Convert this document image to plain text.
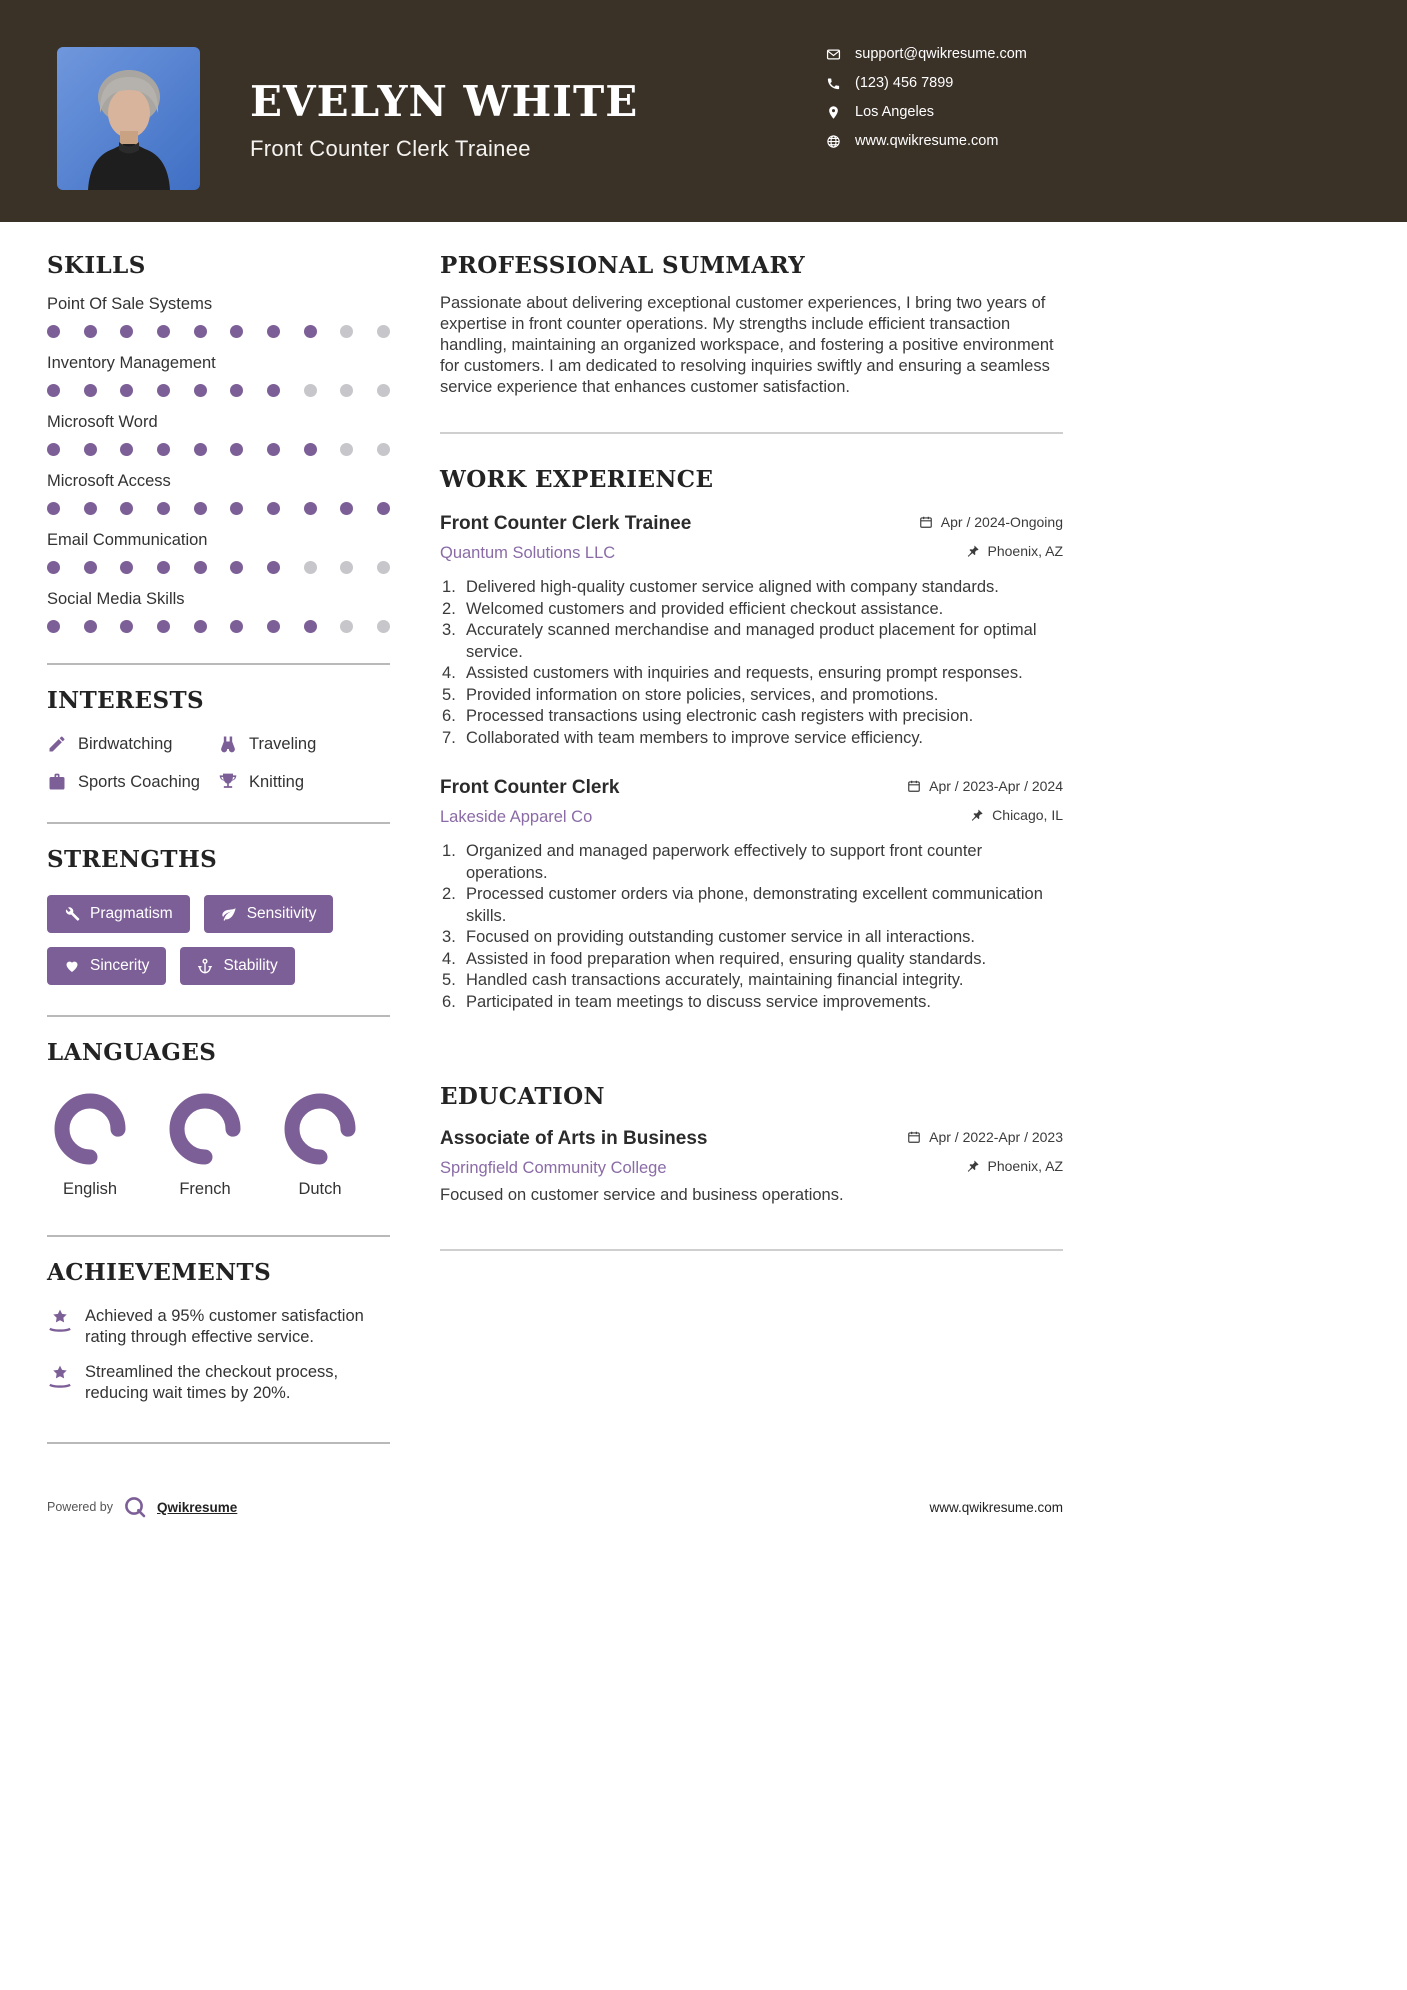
EVELYN WHITE
Front Counter Clerk Trainee
support@qwikresume.com
(123) 456 7899
Los Angeles
www.qwikresume.com
SKILLS
Point Of Sale Systems
Inventory Management
Microsoft Word
Microsoft Access
Email Communication
Social Media Skills
INTERESTS
Birdwatching	Traveling
Sports Coaching	Knitting
STRENGTHS
Pragmatism	Sensitivity
Sincerity	Stability
LANGUAGES
English	French	Dutch
ACHIEVEMENTS
Achieved a 95% customer satisfaction rating through effective service.
Streamlined the checkout process, reducing wait times by 20%.
PROFESSIONAL SUMMARY
Passionate about delivering exceptional customer experiences, I bring two years of expertise in front counter operations. My strengths include efficient transaction handling, maintaining an organized workspace, and fostering a positive environment for customers. I am dedicated to resolving inquiries swiftly and ensuring a seamless service experience that enhances customer satisfaction.
WORK EXPERIENCE
Front Counter Clerk Trainee	Apr / 2024-Ongoing
Quantum Solutions LLC	Phoenix, AZ
Delivered high-quality customer service aligned with company standards.
Welcomed customers and provided efficient checkout assistance.
Accurately scanned merchandise and managed product placement for optimal service.
Assisted customers with inquiries and requests, ensuring prompt responses.
Provided information on store policies, services, and promotions.
Processed transactions using electronic cash registers with precision.
Collaborated with team members to improve service efficiency.
Front Counter Clerk	Apr / 2023-Apr / 2024
Lakeside Apparel Co	Chicago, IL
Organized and managed paperwork effectively to support front counter operations.
Processed customer orders via phone, demonstrating excellent communication skills.
Focused on providing outstanding customer service in all interactions.
Assisted in food preparation when required, ensuring quality standards.
Handled cash transactions accurately, maintaining financial integrity.
Participated in team meetings to discuss service improvements.
EDUCATION
Associate of Arts in Business	Apr / 2022-Apr / 2023
Springfield Community College	Phoenix, AZ
Focused on customer service and business operations.
Powered by	Qwikresume	www.qwikresume.com
